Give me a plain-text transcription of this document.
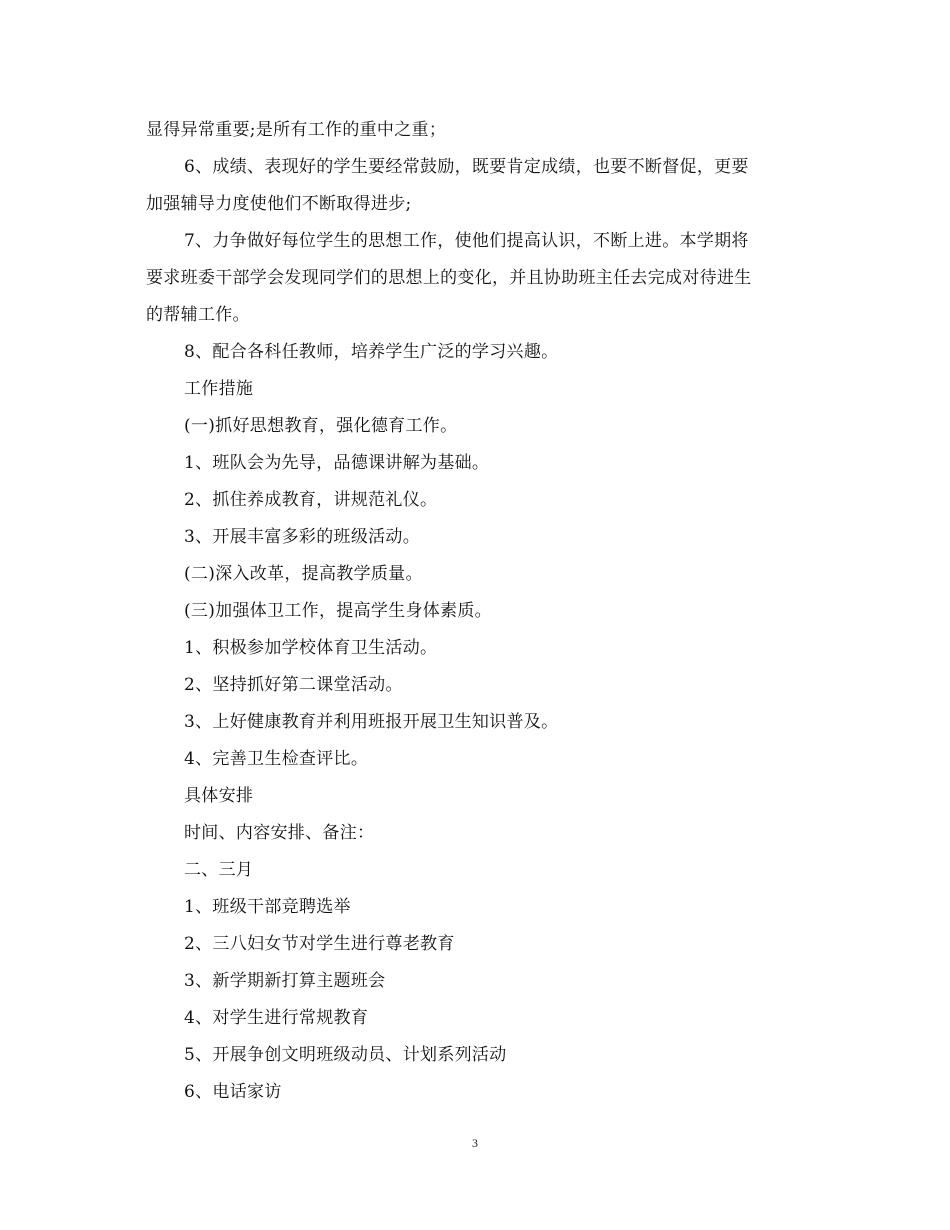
显得异常重要;是所有工作的重中之重；
6、成绩、表现好的学生要经常鼓励，既要肯定成绩，也要不断督促，更要
加强辅导力度使他们不断取得进步;
7、力争做好每位学生的思想工作，使他们提高认识，不断上进。本学期将
要求班委干部学会发现同学们的思想上的变化，并且协助班主任去完成对待进生
的帮辅工作。
8、配合各科任教师，培养学生广泛的学习兴趣。
工作措施
(一)抓好思想教育，强化德育工作。
1、班队会为先导，品德课讲解为基础。
2、抓住养成教育，讲规范礼仪。
3、开展丰富多彩的班级活动。
(二)深入改革，提高教学质量。
(三)加强体卫工作，提高学生身体素质。
1、积极参加学校体育卫生活动。
2、坚持抓好第二课堂活动。
3、上好健康教育并利用班报开展卫生知识普及。
4、完善卫生检查评比。
具体安排
时间、内容安排、备注：
二、三月
1、班级干部竞聘选举
2、三八妇女节对学生进行尊老教育
3、新学期新打算主题班会
4、对学生进行常规教育
5、开展争创文明班级动员、计划系列活动
6、电话家访
3
